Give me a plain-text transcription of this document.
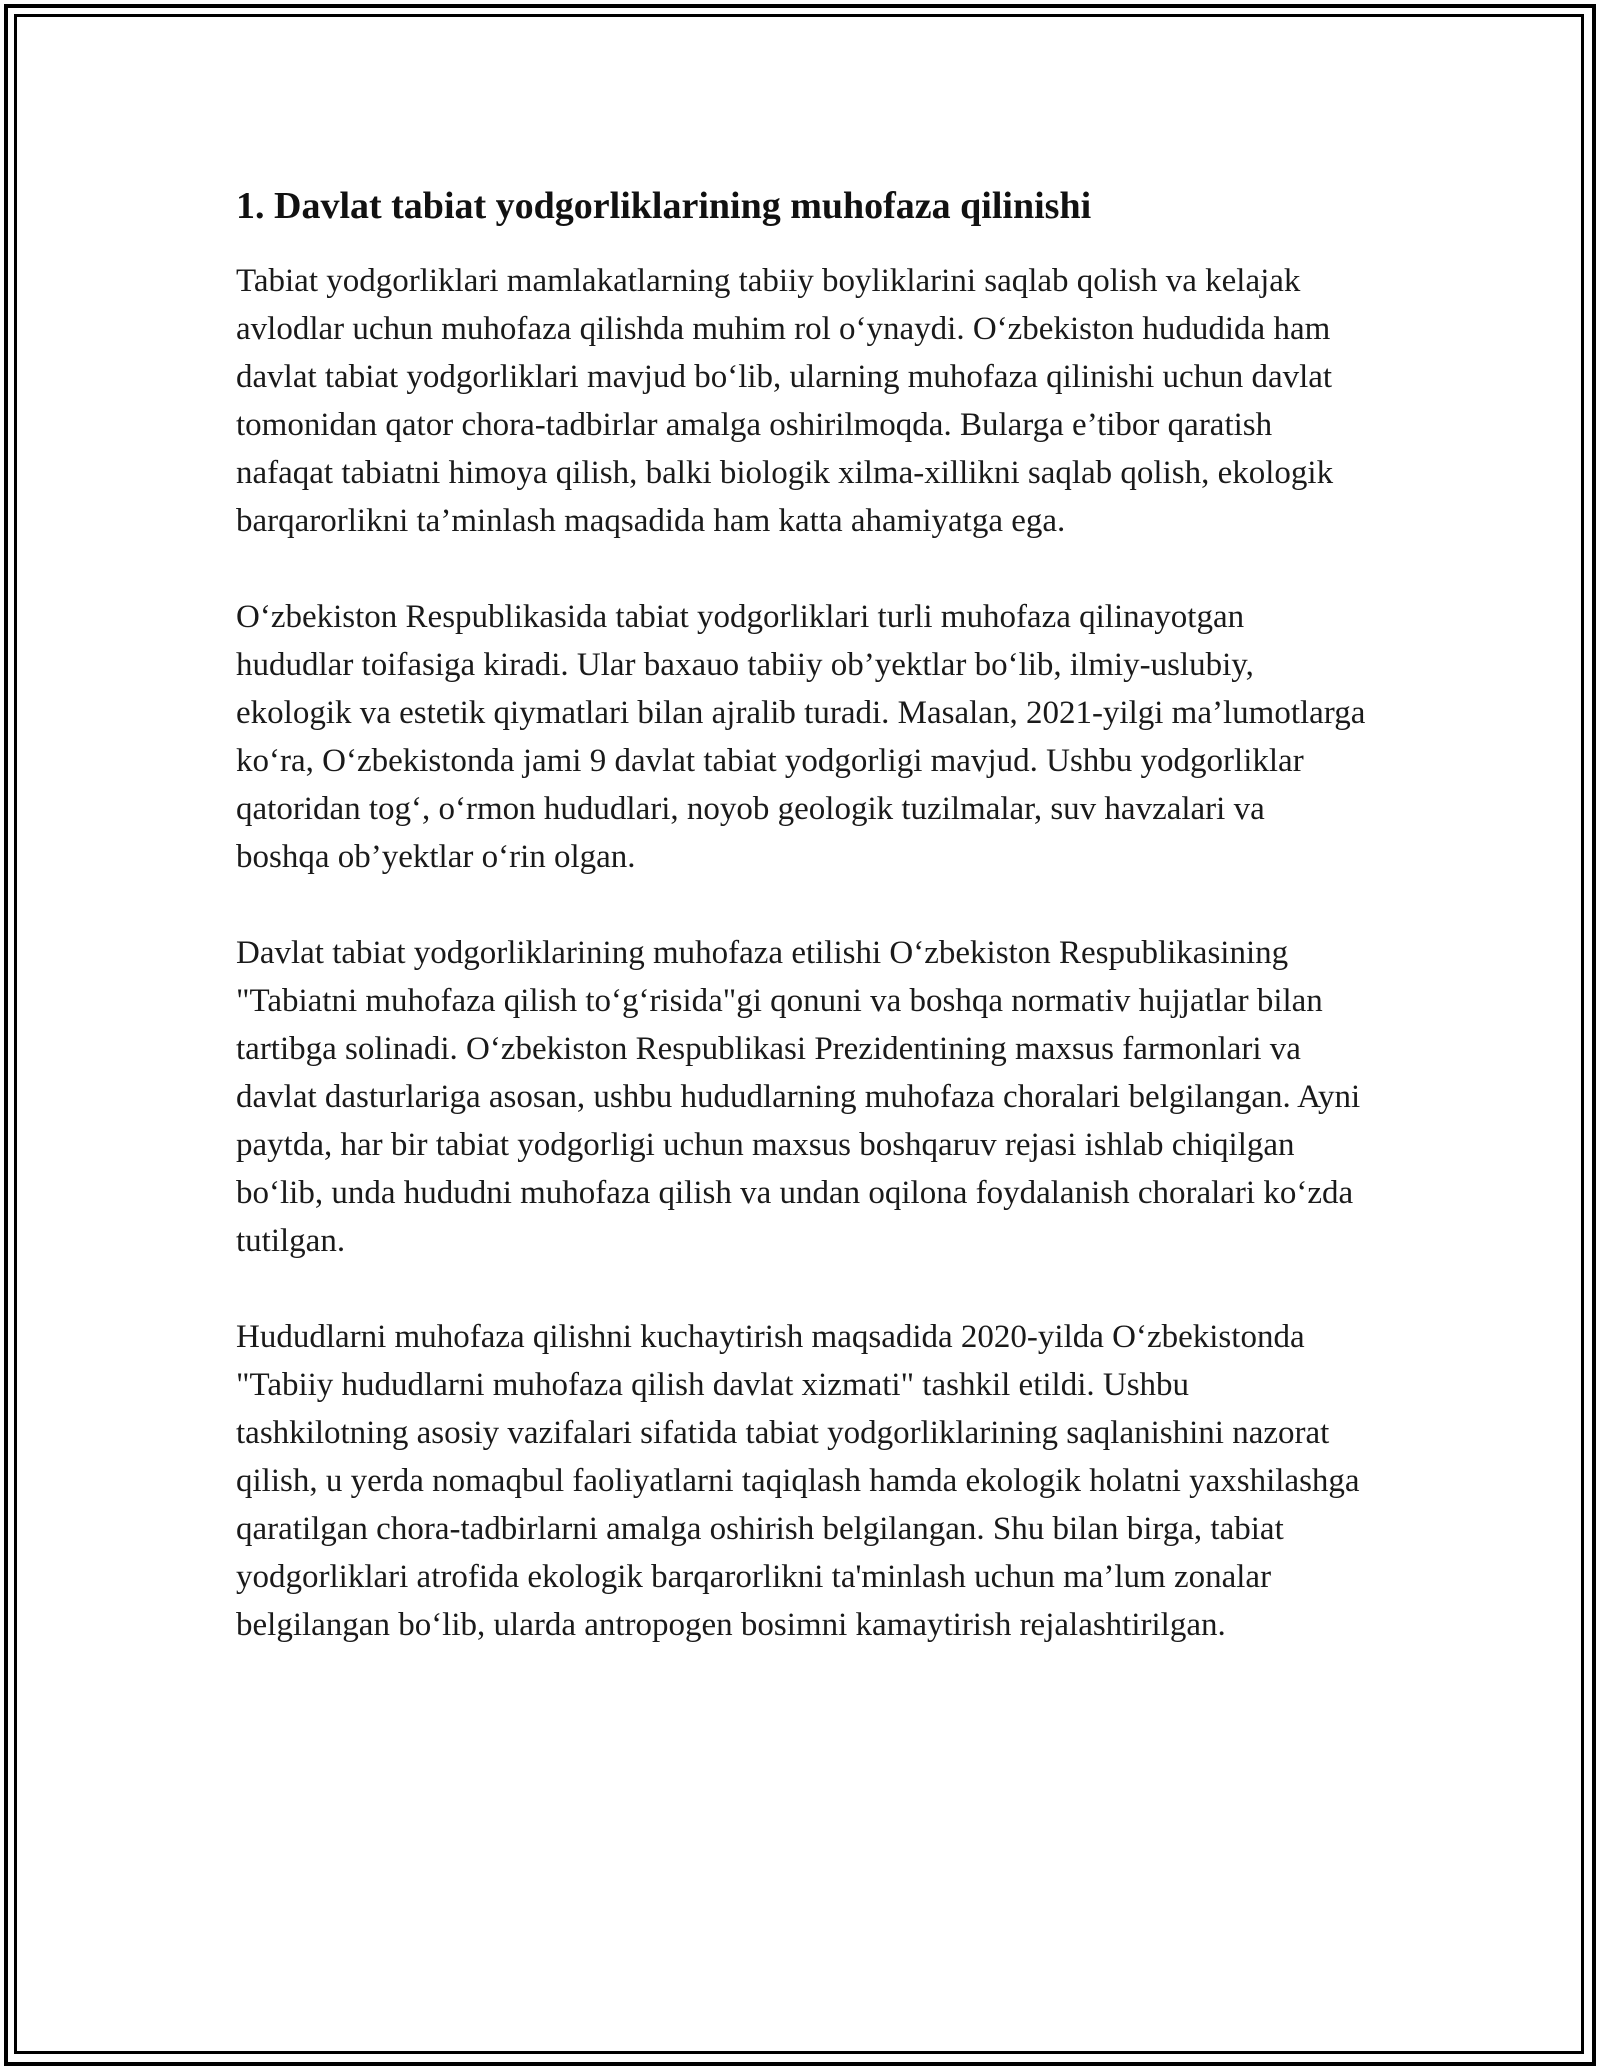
1. Davlat tabiat yodgorliklarining muhofaza qilinishi

Tabiat yodgorliklari mamlakatlarning tabiiy boyliklarini saqlab qolish va kelajak avlodlar uchun muhofaza qilishda muhim rol o‘ynaydi. O‘zbekiston hududida ham davlat tabiat yodgorliklari mavjud bo‘lib, ularning muhofaza qilinishi uchun davlat tomonidan qator chora-tadbirlar amalga oshirilmoqda. Bularga e’tibor qaratish nafaqat tabiatni himoya qilish, balki biologik xilma-xillikni saqlab qolish, ekologik barqarorlikni ta’minlash maqsadida ham katta ahamiyatga ega.

O‘zbekiston Respublikasida tabiat yodgorliklari turli muhofaza qilinayotgan hududlar toifasiga kiradi. Ular baxauo tabiiy ob’yektlar bo‘lib, ilmiy-uslubiy, ekologik va estetik qiymatlari bilan ajralib turadi. Masalan, 2021-yilgi ma’lumotlarga ko‘ra, O‘zbekistonda jami 9 davlat tabiat yodgorligi mavjud. Ushbu yodgorliklar qatoridan tog‘, o‘rmon hududlari, noyob geologik tuzilmalar, suv havzalari va boshqa ob’yektlar o‘rin olgan.

Davlat tabiat yodgorliklarining muhofaza etilishi O‘zbekiston Respublikasining "Tabiatni muhofaza qilish to‘g‘risida"gi qonuni va boshqa normativ hujjatlar bilan tartibga solinadi. O‘zbekiston Respublikasi Prezidentining maxsus farmonlari va davlat dasturlariga asosan, ushbu hududlarning muhofaza choralari belgilangan. Ayni paytda, har bir tabiat yodgorligi uchun maxsus boshqaruv rejasi ishlab chiqilgan bo‘lib, unda hududni muhofaza qilish va undan oqilona foydalanish choralari ko‘zda tutilgan.

Hududlarni muhofaza qilishni kuchaytirish maqsadida 2020-yilda O‘zbekistonda "Tabiiy hududlarni muhofaza qilish davlat xizmati" tashkil etildi. Ushbu tashkilotning asosiy vazifalari sifatida tabiat yodgorliklarining saqlanishini nazorat qilish, u yerda nomaqbul faoliyatlarni taqiqlash hamda ekologik holatni yaxshilashga qaratilgan chora-tadbirlarni amalga oshirish belgilangan. Shu bilan birga, tabiat yodgorliklari atrofida ekologik barqarorlikni ta'minlash uchun ma’lum zonalar belgilangan bo‘lib, ularda antropogen bosimni kamaytirish rejalashtirilgan.
